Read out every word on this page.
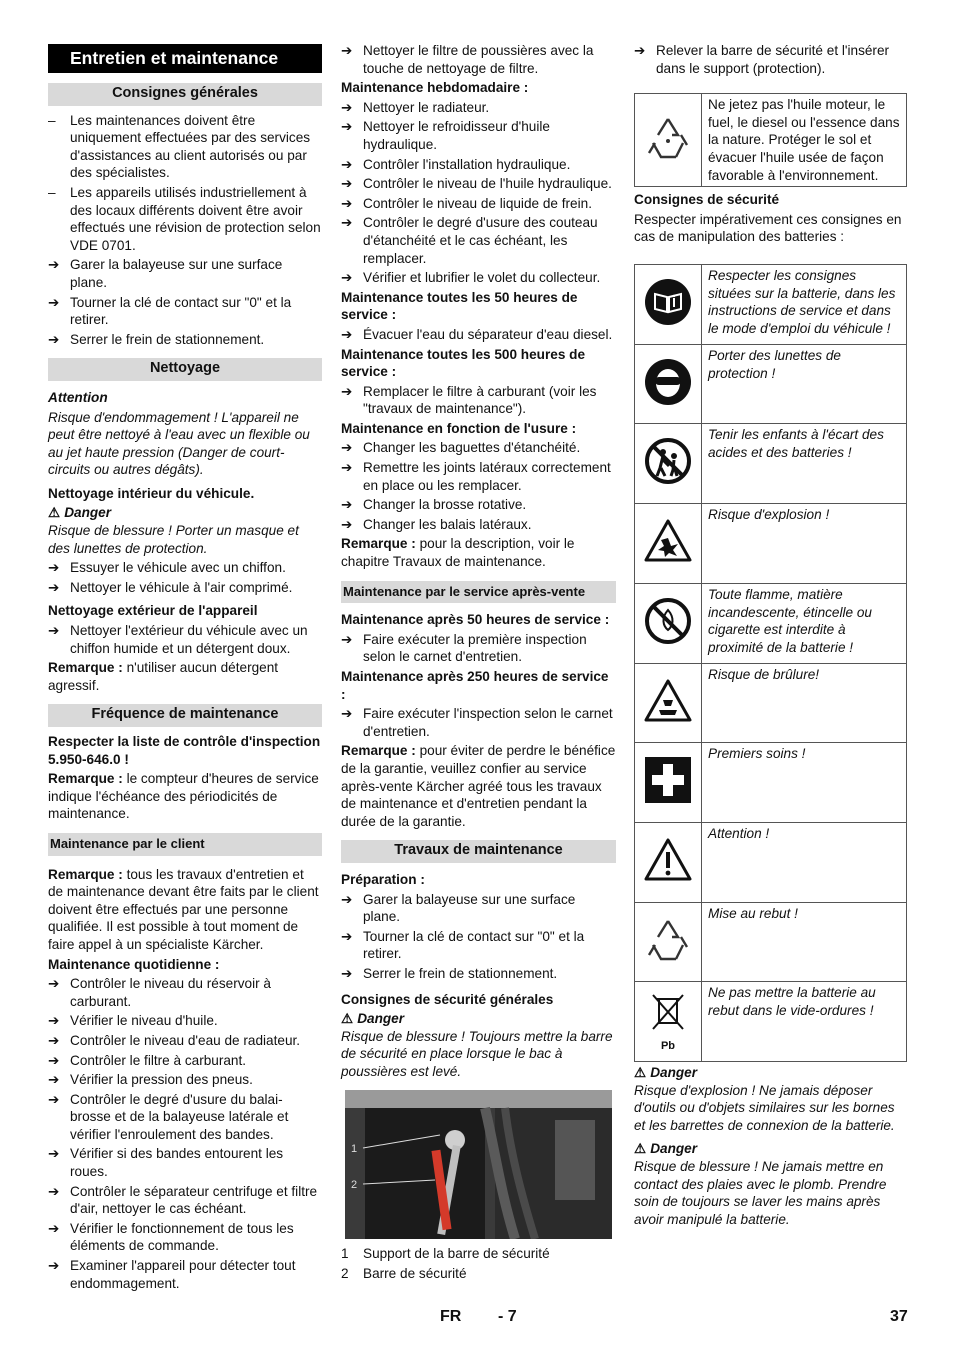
Entretien et maintenance
Consignes générales
–	Les maintenances doivent être uniquement effectuées par des services d'assistances au client autorisés ou par des spécialistes.
–	Les appareils utilisés industriellement à des locaux différents doivent être avoir effectués une révision de protection selon VDE 0701.
➔ Garer la balayeuse sur une surface plane.
➔ Tourner la clé de contact sur "0" et la retirer.
➔ Serrer le frein de stationnement.
Nettoyage
Attention
Risque d'endommagement ! L'appareil ne peut être nettoyé à l'eau avec un flexible ou au jet haute pression (Danger de court-circuits ou autres dégâts).
Nettoyage intérieur du véhicule.
⚠ Danger
Risque de blessure ! Porter un masque et des lunettes de protection.
➔ Essuyer le véhicule avec un chiffon.
➔ Nettoyer le véhicule à l'air comprimé.
Nettoyage extérieur de l'appareil
➔ Nettoyer l'extérieur du véhicule avec un chiffon humide et un détergent doux.
Remarque : n'utiliser aucun détergent agressif.
Fréquence de maintenance
Respecter la liste de contrôle d'inspection 5.950-646.0 !
Remarque : le compteur d'heures de service indique l'échéance des périodicités de maintenance.
Maintenance par le client
Remarque : tous les travaux d'entretien et de maintenance devant être faits par le client doivent être effectués par une personne qualifiée. Il est possible à tout moment de faire appel à un spécialiste Kärcher.
Maintenance quotidienne :
➔ Contrôler le niveau du réservoir à carburant.
➔ Vérifier le niveau d'huile.
➔ Contrôler le niveau d'eau de radiateur.
➔ Contrôler le filtre à carburant.
➔ Vérifier la pression des pneus.
➔ Contrôler le degré d'usure du balai-brosse et de la balayeuse latérale et vérifier l'enroulement des bandes.
➔ Vérifier si des bandes entourent les roues.
➔ Contrôler le séparateur centrifuge et filtre d'air, nettoyer le cas échéant.
➔ Vérifier le fonctionnement de tous les éléments de commande.
➔ Examiner l'appareil pour détecter tout endommagement.
➔ Nettoyer le filtre de poussières avec la touche de nettoyage de filtre.
Maintenance hebdomadaire :
➔ Nettoyer le radiateur.
➔ Nettoyer le refroidisseur d'huile hydraulique.
➔ Contrôler l'installation hydraulique.
➔ Contrôler le niveau de l'huile hydraulique.
➔ Contrôler le niveau de liquide de frein.
➔ Contrôler le degré d'usure des couteau d'étanchéité et le cas échéant, les remplacer.
➔ Vérifier et lubrifier le volet du collecteur.
Maintenance toutes les 50 heures de service :
➔ Évacuer l'eau du séparateur d'eau diesel.
Maintenance toutes les 500 heures de service :
➔ Remplacer le filtre à carburant (voir les "travaux de maintenance").
Maintenance en fonction de l'usure :
➔ Changer les baguettes d'étanchéité.
➔ Remettre les joints latéraux correctement en place ou les remplacer.
➔ Changer la brosse rotative.
➔ Changer les balais latéraux.
Remarque : pour la description, voir le chapitre Travaux de maintenance.
Maintenance par le service après-vente
Maintenance après 50 heures de service :
➔ Faire exécuter la première inspection selon le carnet d'entretien.
Maintenance après 250 heures de service :
➔ Faire exécuter l'inspection selon le carnet d'entretien.
Remarque : pour éviter de perdre le bénéfice de la garantie, veuillez confier au service après-vente Kärcher agréé tous les travaux de maintenance et d'entretien pendant la durée de la garantie.
Travaux de maintenance
Préparation :
➔ Garer la balayeuse sur une surface plane.
➔ Tourner la clé de contact sur "0" et la retirer.
➔ Serrer le frein de stationnement.
Consignes de sécurité générales
⚠ Danger
Risque de blessure ! Toujours mettre la barre de sécurité en place lorsque le bac à poussières est levé.
1
2
1	Support de la barre de sécurité
2	Barre de sécurité
➔ Relever la barre de sécurité et l'insérer dans le support (protection).
	Ne jetez pas l'huile moteur, le fuel, le diesel ou l'essence dans la nature. Protéger le sol et évacuer l'huile usée de façon favorable à l'environnement.
Consignes de sécurité
Respecter impérativement ces consignes en cas de manipulation des batteries :
	Respecter les consignes situées sur la batterie, dans les instructions de service et dans le mode d'emploi du véhicule !
	Porter des lunettes de protection !
	Tenir les enfants à l'écart des acides et des batteries !
	Risque d'explosion !
	Toute flamme, matière incandescente, étincelle ou cigarette est interdite à proximité de la batterie !
	Risque de brûlure!
	Premiers soins !
	Attention !
	Mise au rebut !

Pb	Ne pas mettre la batterie au rebut dans le vide-ordures !
⚠ Danger
Risque d'explosion ! Ne jamais déposer d'outils ou d'objets similaires sur les bornes et les barrettes de connexion de la batterie.
⚠ Danger
Risque de blessure ! Ne jamais mettre en contact des plaies avec le plomb. Prendre soin de toujours se laver les mains après avoir manipulé la batterie.
FR - 7	37
